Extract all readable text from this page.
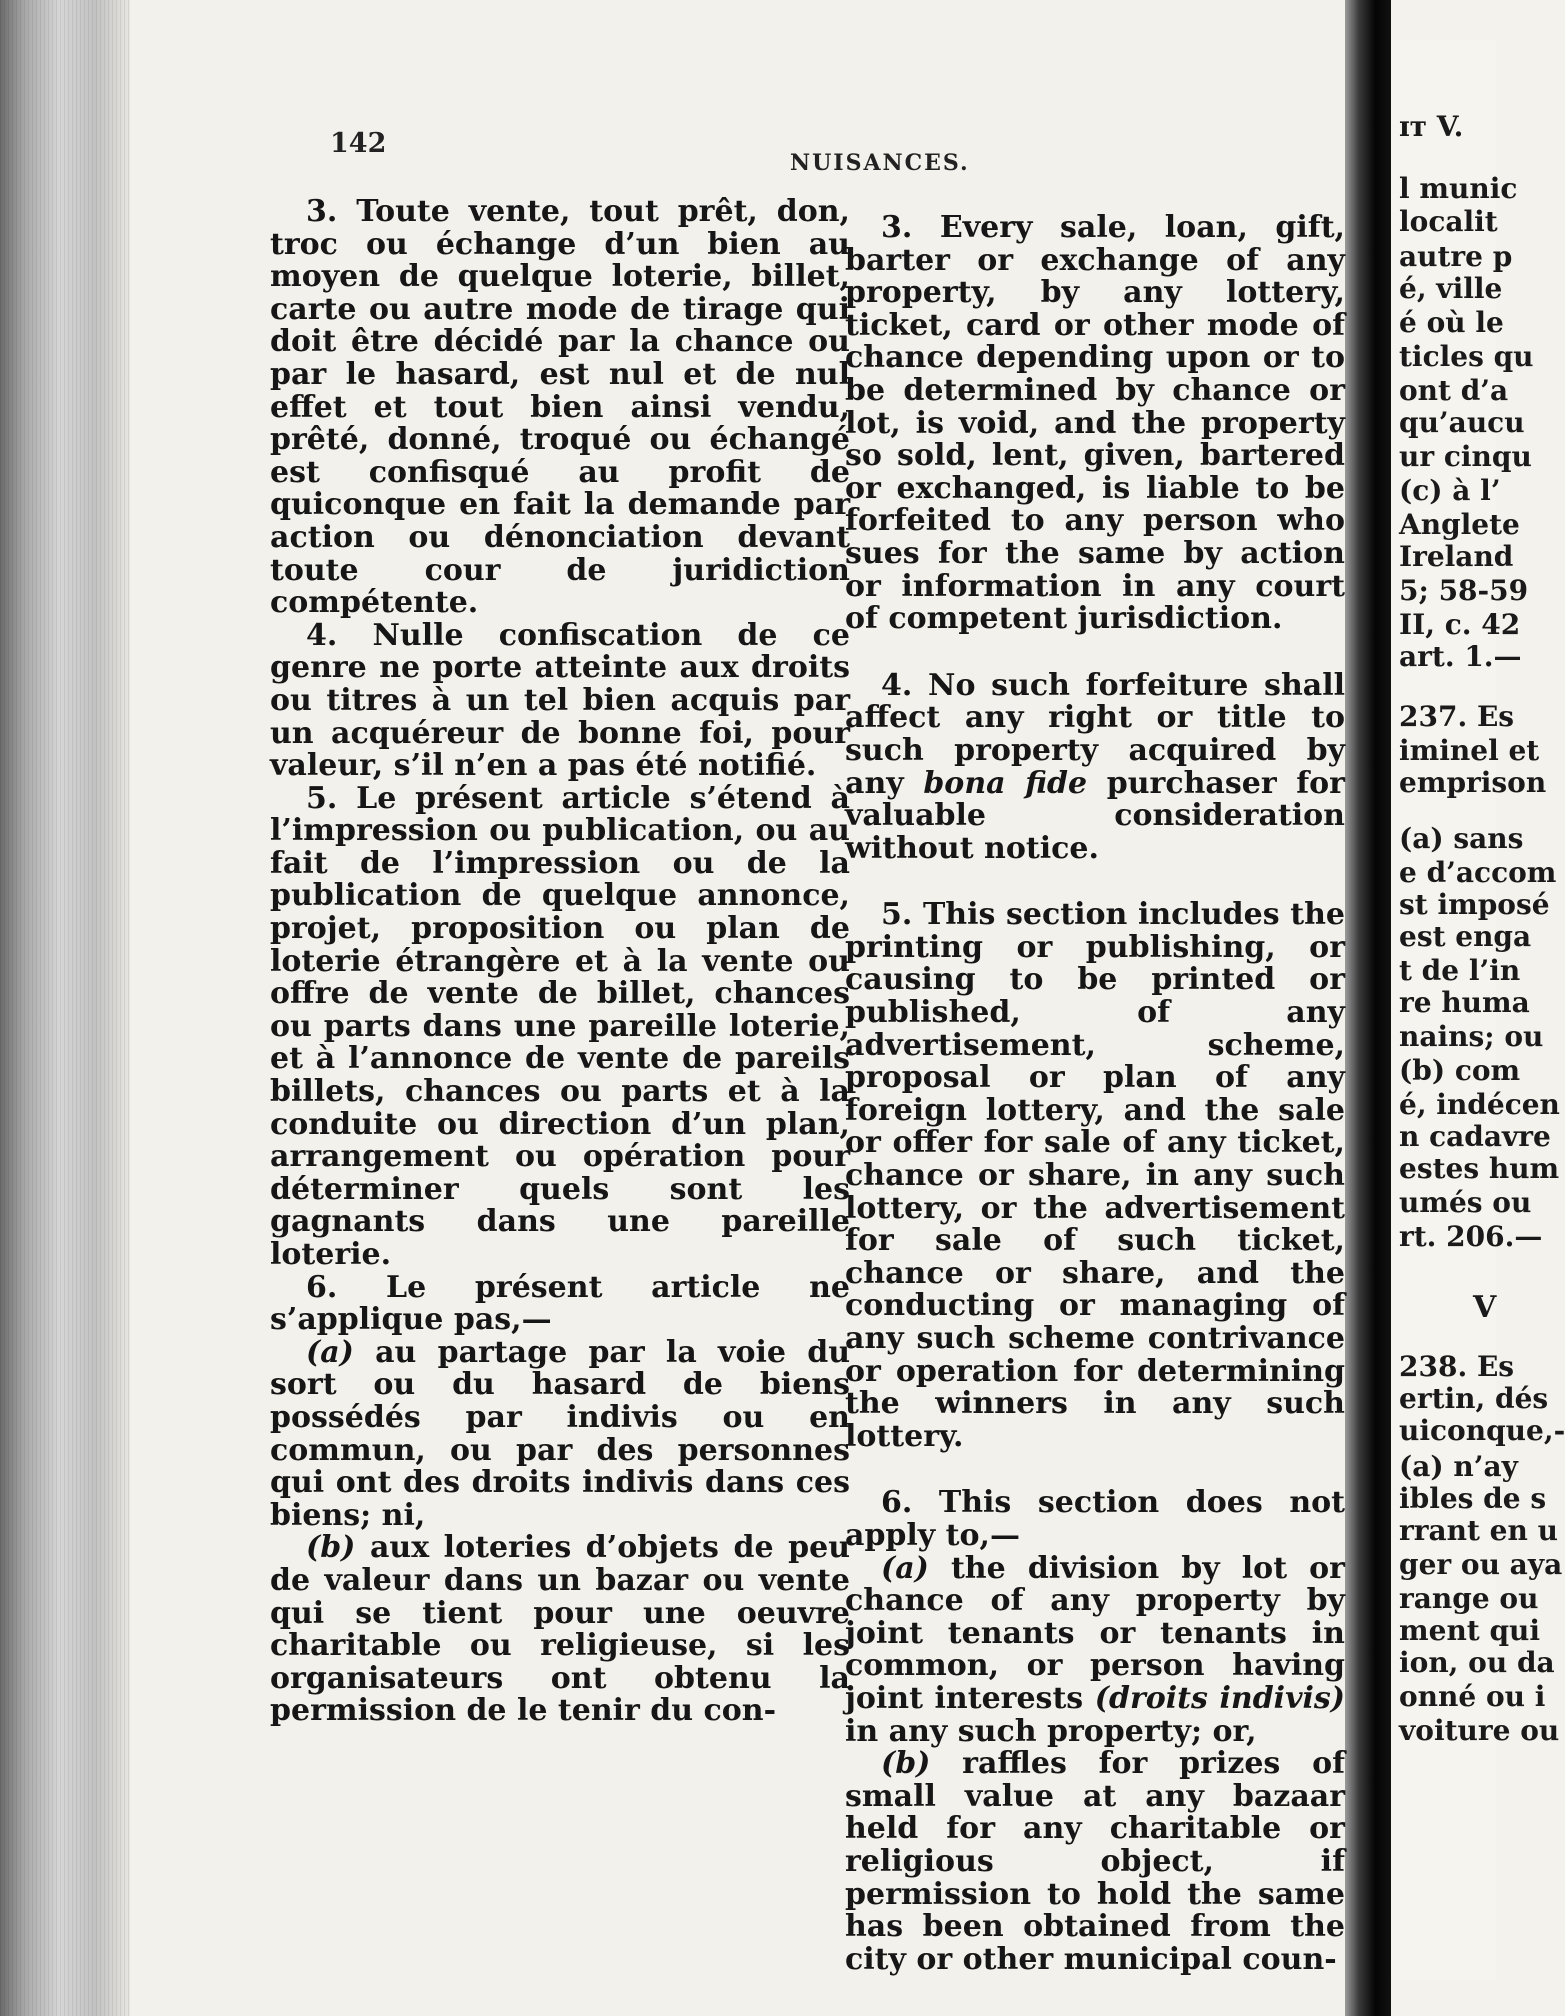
142
NUISANCES.

3. Toute vente, tout prêt, don, troc ou échange d’un bien au moyen de quelque loterie, billet, carte ou autre mode de tirage qui doit être décidé par la chance ou par le hasard, est nul et de nul effet et tout bien ainsi vendu, prêté, donné, troqué ou échangé est confisqué au profit de quiconque en fait la demande par action ou dénonciation devant toute cour de juridiction compétente.

4. Nulle confiscation de ce genre ne porte atteinte aux droits ou titres à un tel bien acquis par un acquéreur de bonne foi, pour valeur, s’il n’en a pas été notifié.

5. Le présent article s’étend à l’impression ou publication, ou au fait de l’impression ou de la publication de quelque annonce, projet, proposition ou plan de loterie étrangère et à la vente ou offre de vente de billet, chances ou parts dans une pareille loterie, et à l’annonce de vente de pareils billets, chances ou parts et à la conduite ou direction d’un plan, arrangement ou opération pour déterminer quels sont les gagnants dans une pareille loterie.

6. Le présent article ne s’applique pas,—

(a) au partage par la voie du sort ou du hasard de biens possédés par indivis ou en commun, ou par des personnes qui ont des droits indivis dans ces biens; ni,

(b) aux loteries d’objets de peu de valeur dans un bazar ou vente qui se tient pour une oeuvre charitable ou religieuse, si les organisateurs ont obtenu la permission de le tenir du con-

3. Every sale, loan, gift, barter or exchange of any property, by any lottery, ticket, card or other mode of chance depending upon or to be determined by chance or lot, is void, and the property so sold, lent, given, bartered or exchanged, is liable to be forfeited to any person who sues for the same by action or information in any court of competent jurisdiction.

4. No such forfeiture shall affect any right or title to such property acquired by any bona fide purchaser for valuable consideration without notice.

5. This section includes the printing or publishing, or causing to be printed or published, of any advertisement, scheme, proposal or plan of any foreign lottery, and the sale or offer for sale of any ticket, chance or share, in any such lottery, or the advertisement for sale of such ticket, chance or share, and the conducting or managing of any such scheme contrivance or operation for determining the winners in any such lottery.

6. This section does not apply to,—

(a) the division by lot or chance of any property by joint tenants or tenants in common, or person having joint interests (droits indivis) in any such property; or,

(b) raffles for prizes of small value at any bazaar held for any charitable or religious object, if permission to hold the same has been obtained from the city or other municipal coun-

ɪᴛ V.
l munic
localit
autre p
é, ville
é où le
ticles qu
ont d’a
qu’aucu
ur cinqu
(c) à l’
Anglete
Ireland
5; 58-59
II, c. 42
art. 1.—
237. Es
iminel et
emprison
(a) sans
e d’accom
st imposé
est enga
t de l’in
re huma
nains; ou
(b) com
é, indécen
n cadavre
estes hum
umés ou
rt. 206.—
V
238. Es
ertin, dés
uiconque,-
(a) n’ay
ibles de s
rrant en u
ger ou aya
range ou
ment qui
ion, ou da
onné ou i
voiture ou
